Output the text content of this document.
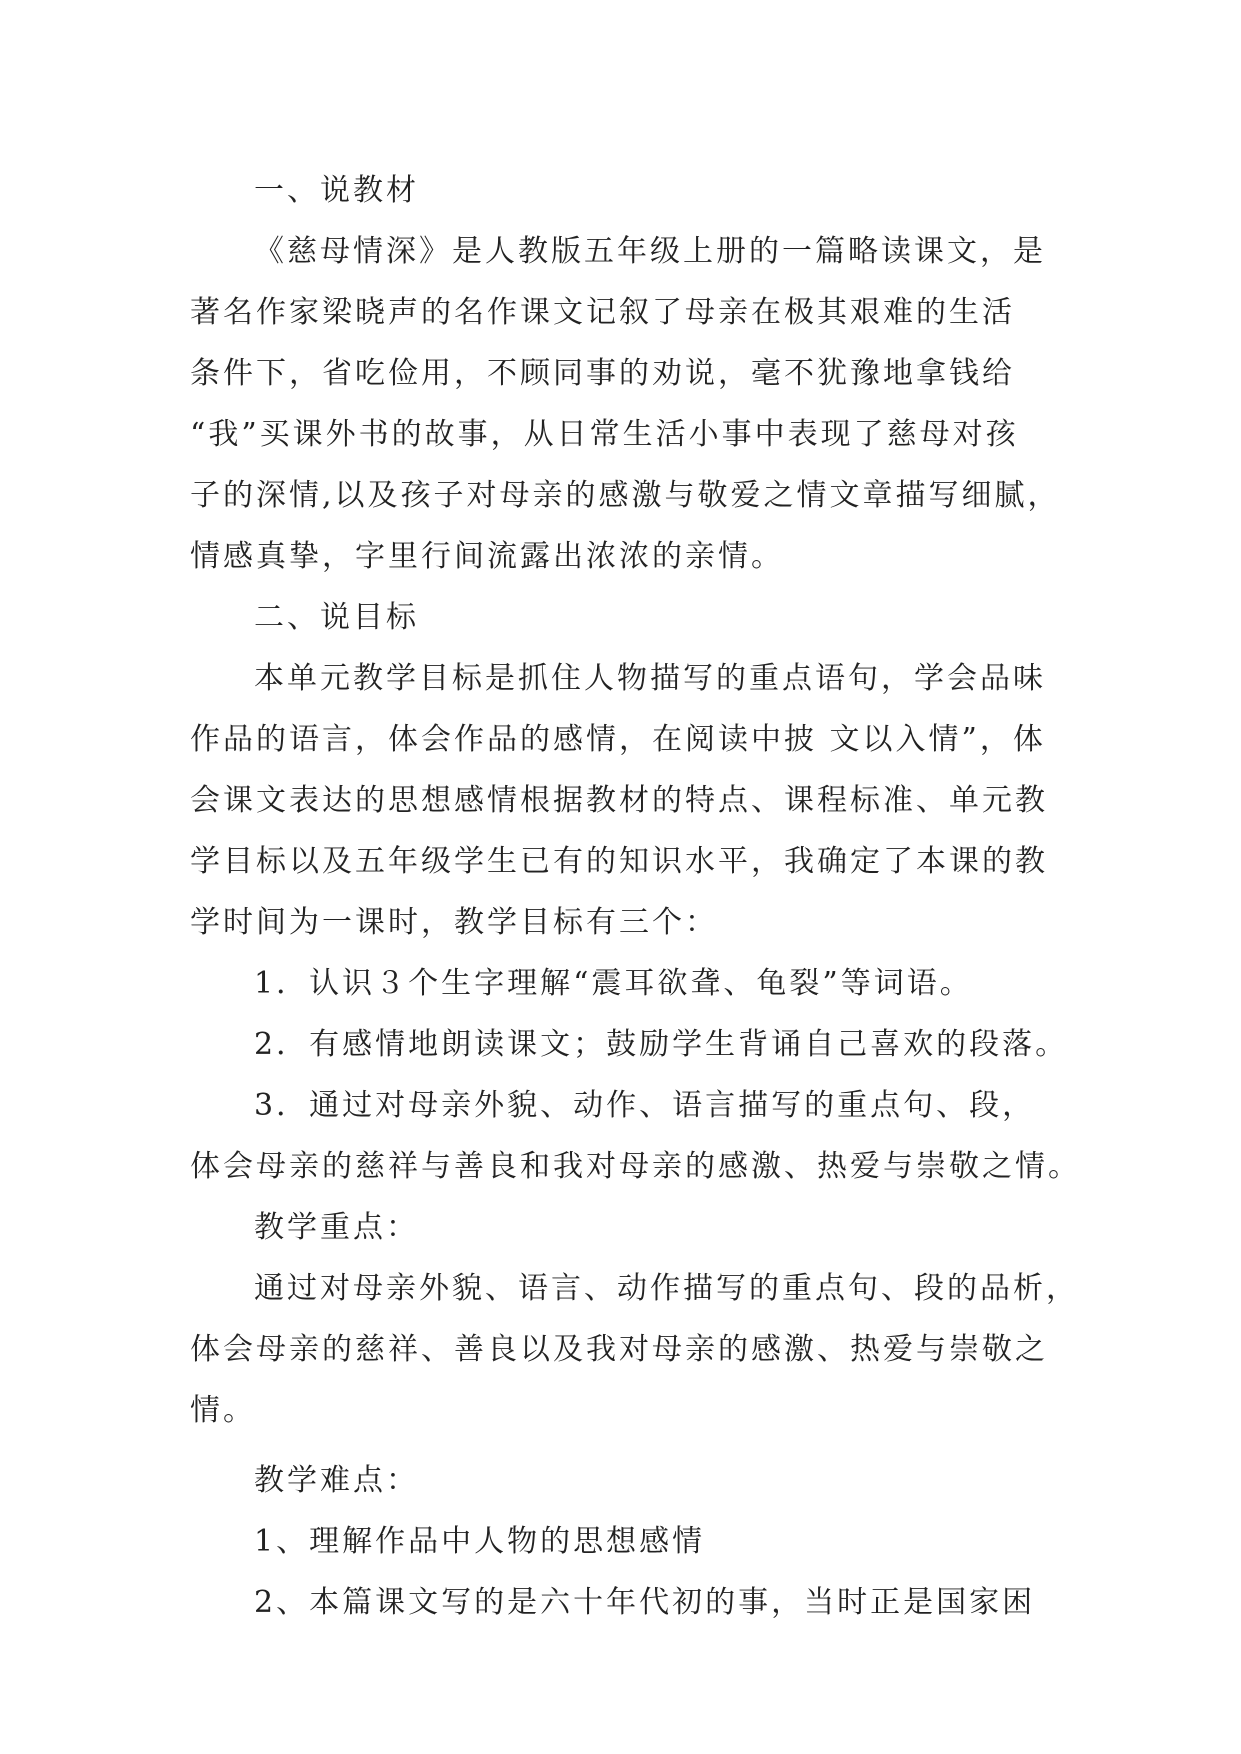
一、说教材
《慈母情深》是人教版五年级上册的一篇略读课文，是
著名作家梁晓声的名作课文记叙了母亲在极其艰难的生活
条件下，省吃俭用，不顾同事的劝说，毫不犹豫地拿钱给
“我”买课外书的故事，从日常生活小事中表现了慈母对孩
子的深情,以及孩子对母亲的感激与敬爱之情文章描写细腻，
情感真挚，字里行间流露出浓浓的亲情。
二、说目标
本单元教学目标是抓住人物描写的重点语句，学会品味
作品的语言，体会作品的感情，在阅读中披 文以入情”，体
会课文表达的思想感情根据教材的特点、课程标准、单元教
学目标以及五年级学生已有的知识水平，我确定了本课的教
学时间为一课时，教学目标有三个：
1．认识３个生字理解“震耳欲聋、龟裂”等词语。
2．有感情地朗读课文；鼓励学生背诵自己喜欢的段落。
3．通过对母亲外貌、动作、语言描写的重点句、段，
体会母亲的慈祥与善良和我对母亲的感激、热爱与崇敬之情。
教学重点：
通过对母亲外貌、语言、动作描写的重点句、段的品析，
体会母亲的慈祥、善良以及我对母亲的感激、热爱与崇敬之
情。
教学难点：
1、理解作品中人物的思想感情
2、本篇课文写的是六十年代初的事，当时正是国家困
